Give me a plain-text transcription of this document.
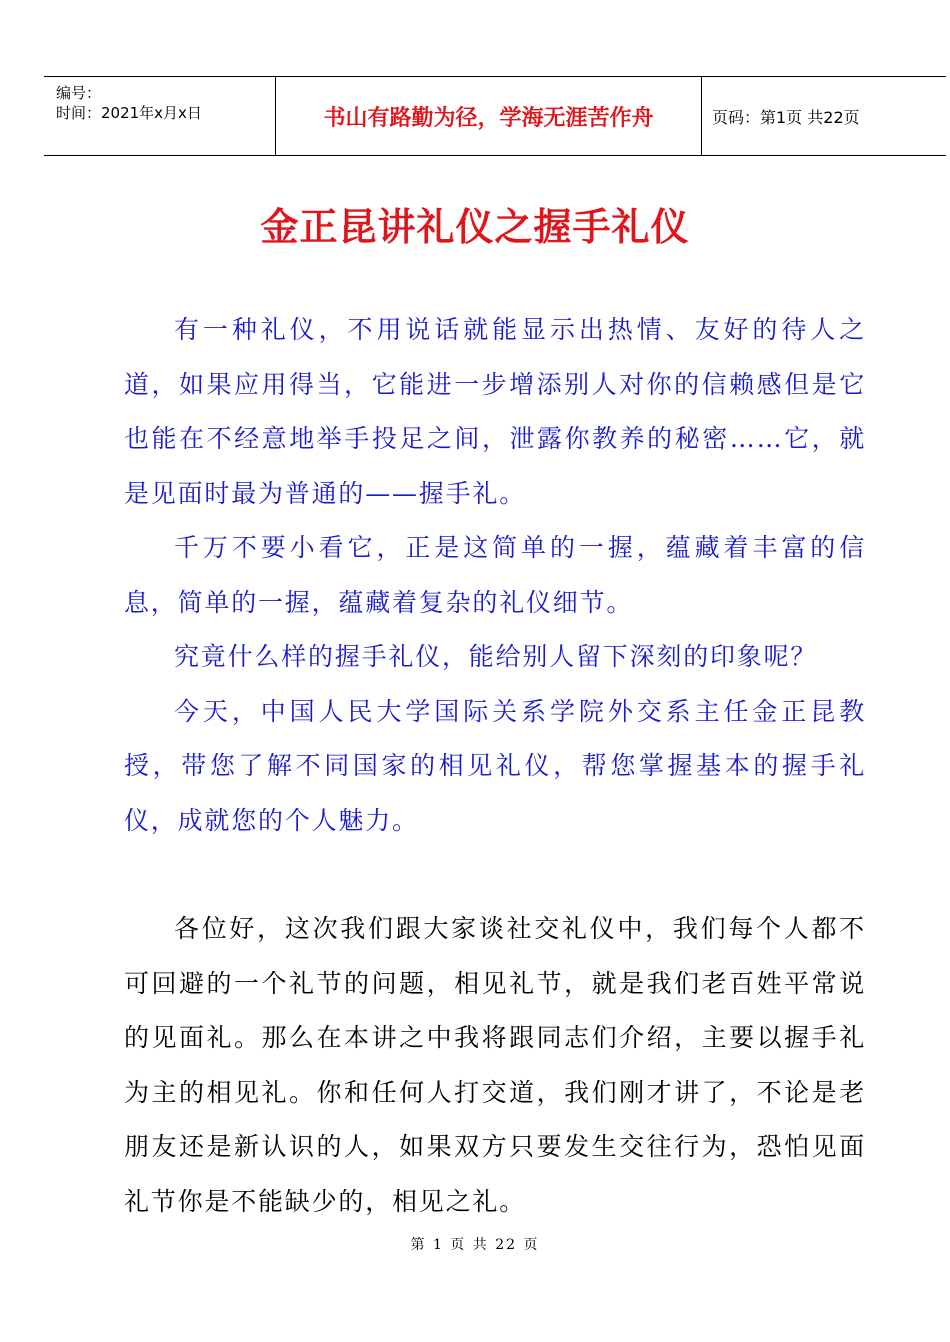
编号：
时间：2021年x月x日	书山有路勤为径，学海无涯苦作舟	页码：第1页 共22页
金正昆讲礼仪之握手礼仪

有一种礼仪，不用说话就能显示出热情、友好的待人之道，如果应用得当，它能进一步增添别人对你的信赖感但是它也能在不经意地举手投足之间，泄露你教养的秘密……它，就是见面时最为普通的——握手礼。

千万不要小看它，正是这简单的一握，蕴藏着丰富的信息，简单的一握，蕴藏着复杂的礼仪细节。

究竟什么样的握手礼仪，能给别人留下深刻的印象呢？

今天，中国人民大学国际关系学院外交系主任金正昆教授，带您了解不同国家的相见礼仪，帮您掌握基本的握手礼仪，成就您的个人魅力。

各位好，这次我们跟大家谈社交礼仪中，我们每个人都不可回避的一个礼节的问题，相见礼节，就是我们老百姓平常说的见面礼。那么在本讲之中我将跟同志们介绍，主要以握手礼为主的相见礼。你和任何人打交道，我们刚才讲了，不论是老朋友还是新认识的人，如果双方只要发生交往行为，恐怕见面礼节你是不能缺少的，相见之礼。

第 1 页 共 22 页
